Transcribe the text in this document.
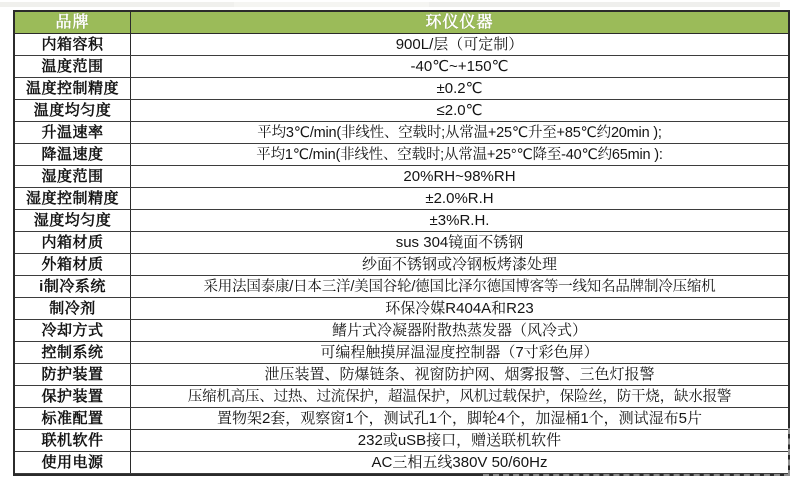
品牌	环仪仪器
内箱容积	900L/层（可定制）
温度范围	-40℃~+150℃
温度控制精度	±0.2℃
温度均匀度	≤2.0℃
升温速率	平均3℃/min(非线性、空载时;从常温+25℃升至+85℃约20min );
降温速度	平均1℃/min(非线性、空载时;从常温+25°℃降至-40℃约65min ):
湿度范围	20%RH~98%RH
湿度控制精度	±2.0%R.H
湿度均匀度	±3%R.H.
内箱材质	sus 304镜面不锈钢
外箱材质	纱面不锈钢或冷钢板烤漆处理
i制冷系统	采用法国泰康/日本三洋/美国谷轮/德国比泽尔德国博客等一线知名品牌制冷压缩机
制冷剂	环保冷媒R404A和R23
冷却方式	鳍片式冷凝器附散热蒸发器（风冷式）
控制系统	可编程触摸屏温湿度控制器（7寸彩色屏）
防护装置	泄压装置、防爆链条、视窗防护网、烟雾报警、三色灯报警
保护装置	压缩机高压、过热、过流保护，超温保护，风机过载保护，保险丝，防干烧，缺水报警
标准配置	置物架2套，观察窗1个，测试孔1个，脚轮4个，加湿桶1个，测试湿布5片
联机软件	232或uSB接口，赠送联机软件
使用电源	AC三相五线380V 50/60Hz
